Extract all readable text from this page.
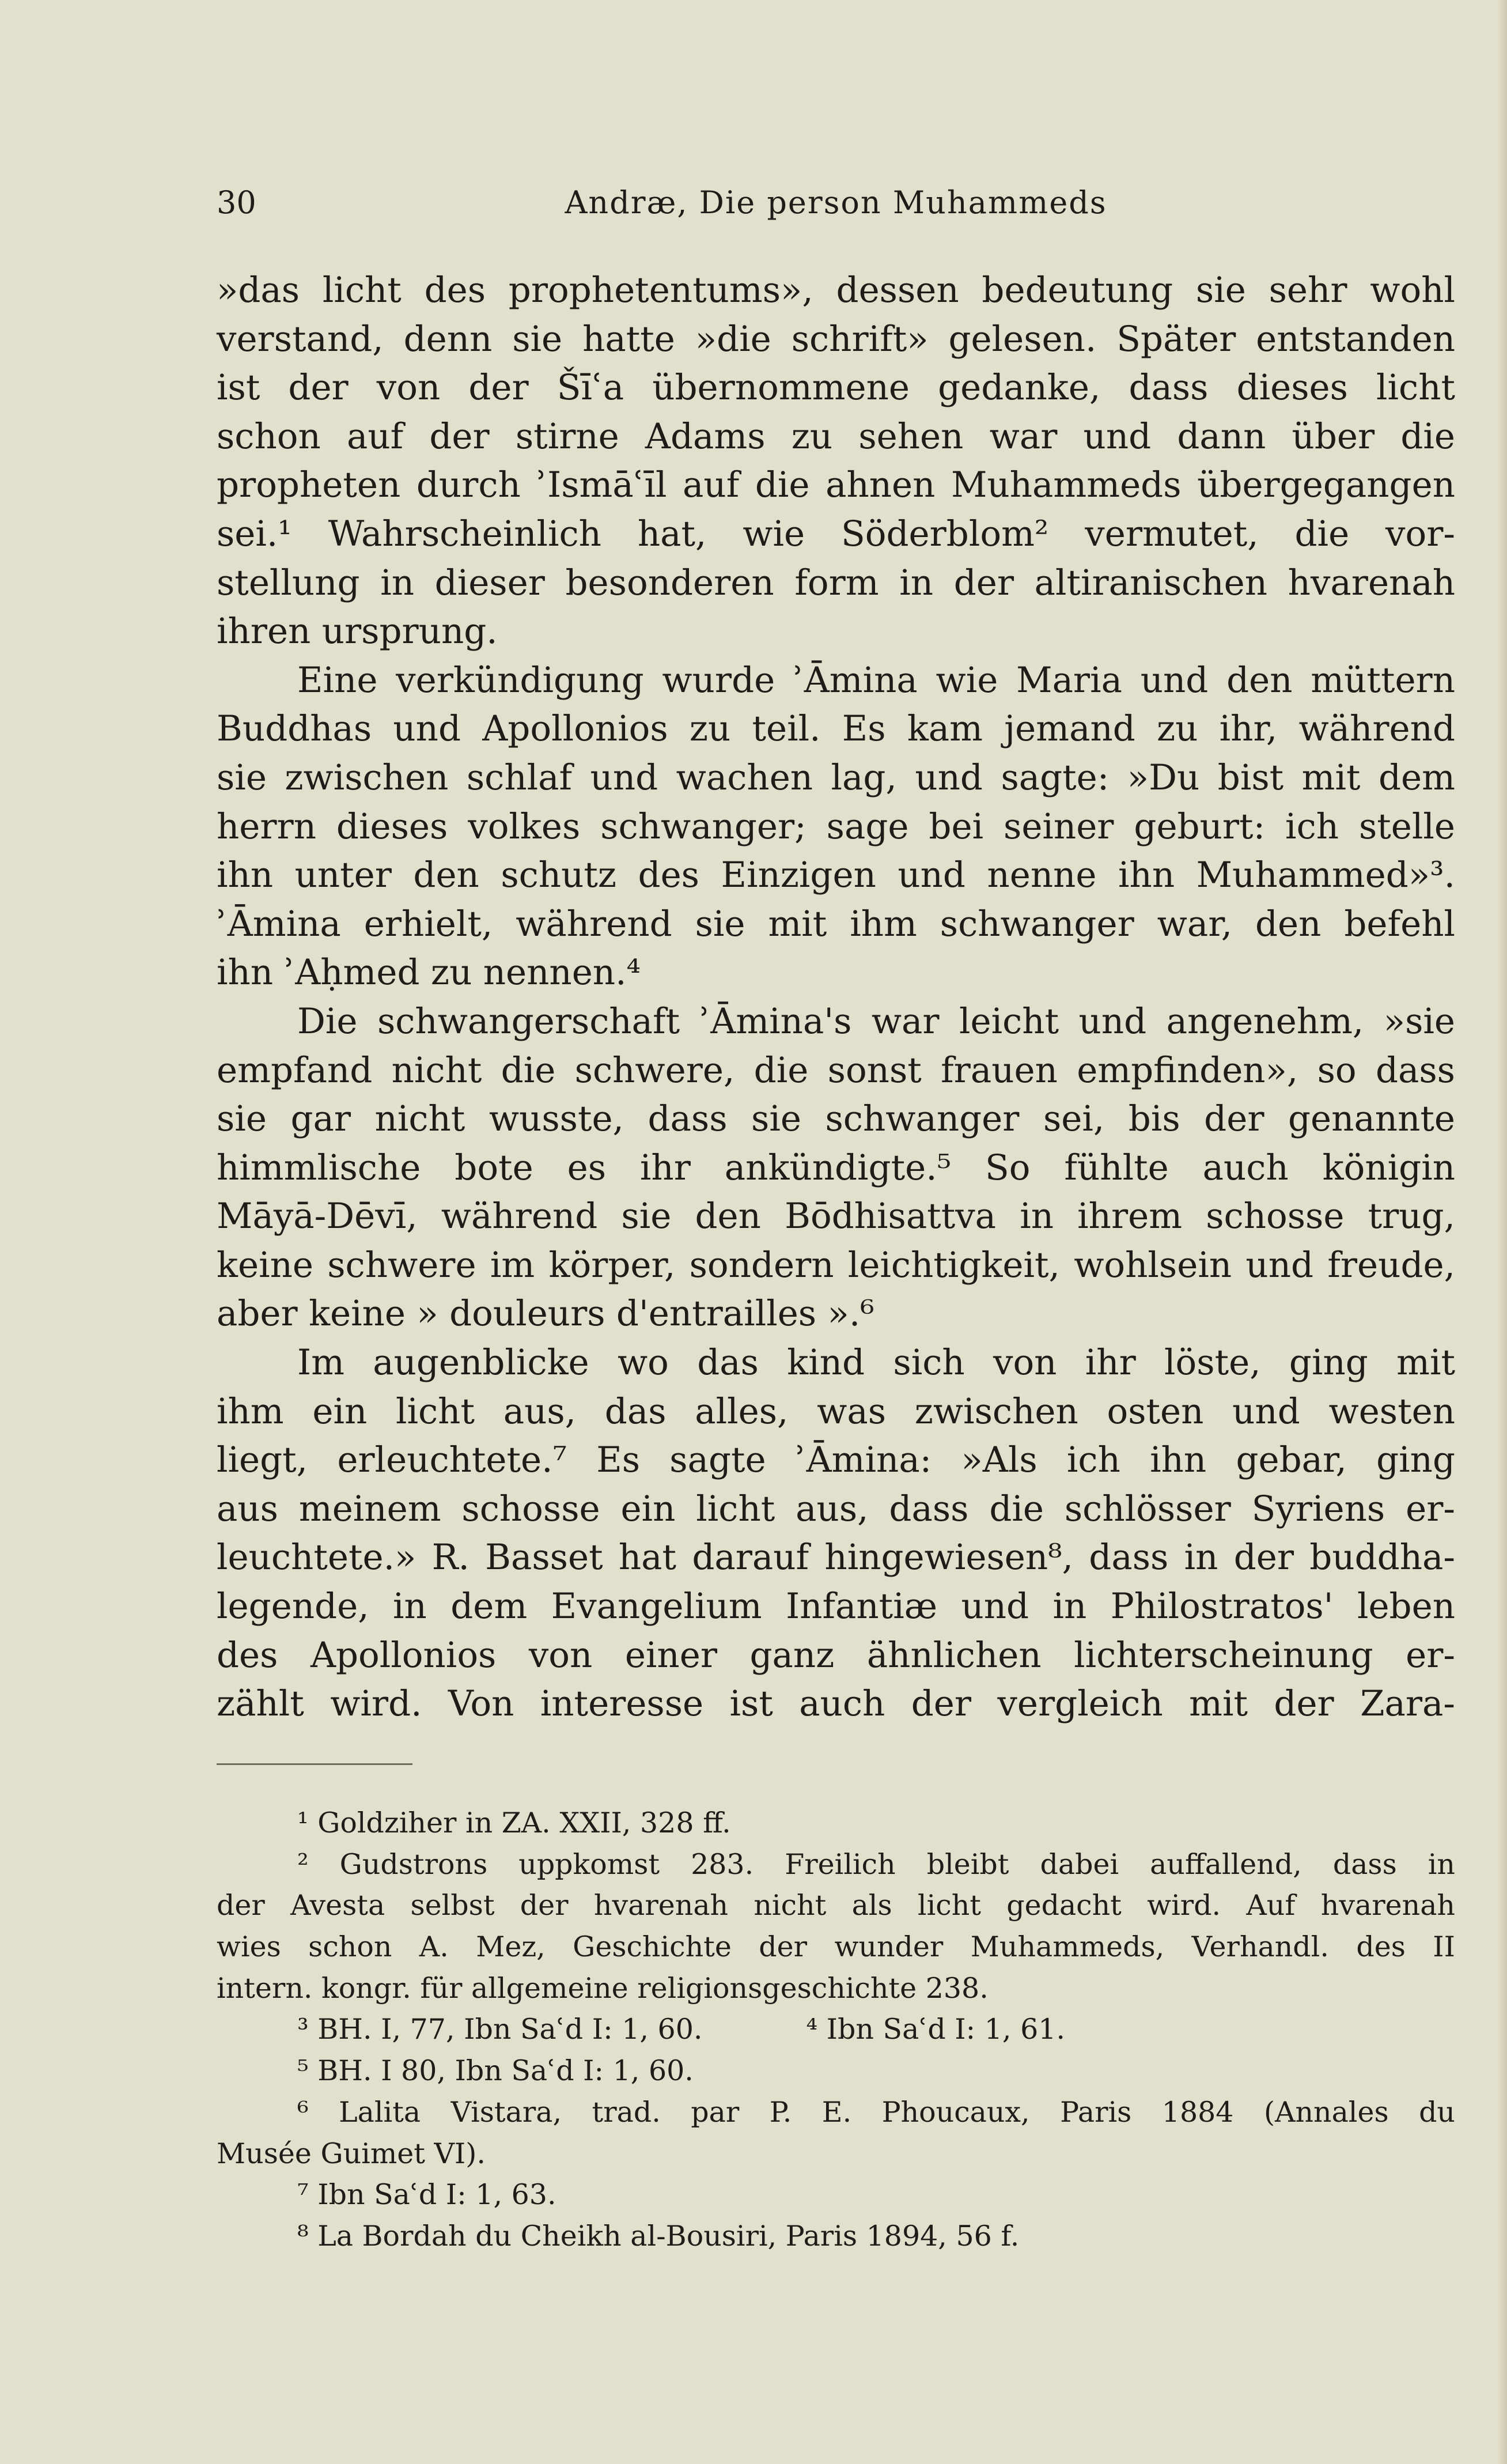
30	Andræ, Die person Muhammeds
»das licht des prophetentums», dessen bedeutung sie sehr wohl
verstand, denn sie hatte »die schrift» gelesen. Später entstanden
ist der von der Šīʿa übernommene gedanke, dass dieses licht
schon auf der stirne Adams zu sehen war und dann über die
propheten durch ʾIsmāʿīl auf die ahnen Muhammeds übergegangen
sei.¹ Wahrscheinlich hat, wie Söderblom² vermutet, die vor-
stellung in dieser besonderen form in der altiranischen hvarenah
ihren ursprung.
Eine verkündigung wurde ʾĀmina wie Maria und den müttern
Buddhas und Apollonios zu teil. Es kam jemand zu ihr, während
sie zwischen schlaf und wachen lag, und sagte: »Du bist mit dem
herrn dieses volkes schwanger; sage bei seiner geburt: ich stelle
ihn unter den schutz des Einzigen und nenne ihn Muhammed»³.
ʾĀmina erhielt, während sie mit ihm schwanger war, den befehl
ihn ʾAḥmed zu nennen.⁴
Die schwangerschaft ʾĀmina's war leicht und angenehm, »sie
empfand nicht die schwere, die sonst frauen empfinden», so dass
sie gar nicht wusste, dass sie schwanger sei, bis der genannte
himmlische bote es ihr ankündigte.⁵ So fühlte auch königin
Māyā-Dēvī, während sie den Bōdhisattva in ihrem schosse trug,
keine schwere im körper, sondern leichtigkeit, wohlsein und freude,
aber keine » douleurs d'entrailles ».⁶
Im augenblicke wo das kind sich von ihr löste, ging mit
ihm ein licht aus, das alles, was zwischen osten und westen
liegt, erleuchtete.⁷ Es sagte ʾĀmina: »Als ich ihn gebar, ging
aus meinem schosse ein licht aus, dass die schlösser Syriens er-
leuchtete.» R. Basset hat darauf hingewiesen⁸, dass in der buddha-
legende, in dem Evangelium Infantiæ und in Philostratos' leben
des Apollonios von einer ganz ähnlichen lichterscheinung er-
zählt wird. Von interesse ist auch der vergleich mit der Zara-
¹ Goldziher in ZA. XXII, 328 ff.
² Gudstrons uppkomst 283. Freilich bleibt dabei auffallend, dass in
der Avesta selbst der hvarenah nicht als licht gedacht wird. Auf hvarenah
wies schon A. Mez, Geschichte der wunder Muhammeds, Verhandl. des II
intern. kongr. für allgemeine religionsgeschichte 238.
³ BH. I, 77, Ibn Saʿd I: 1, 60.	⁴ Ibn Saʿd I: 1, 61.
⁵ BH. I 80, Ibn Saʿd I: 1, 60.
⁶ Lalita Vistara, trad. par P. E. Phoucaux, Paris 1884 (Annales du
Musée Guimet VI).
⁷ Ibn Saʿd I: 1, 63.
⁸ La Bordah du Cheikh al-Bousiri, Paris 1894, 56 f.
